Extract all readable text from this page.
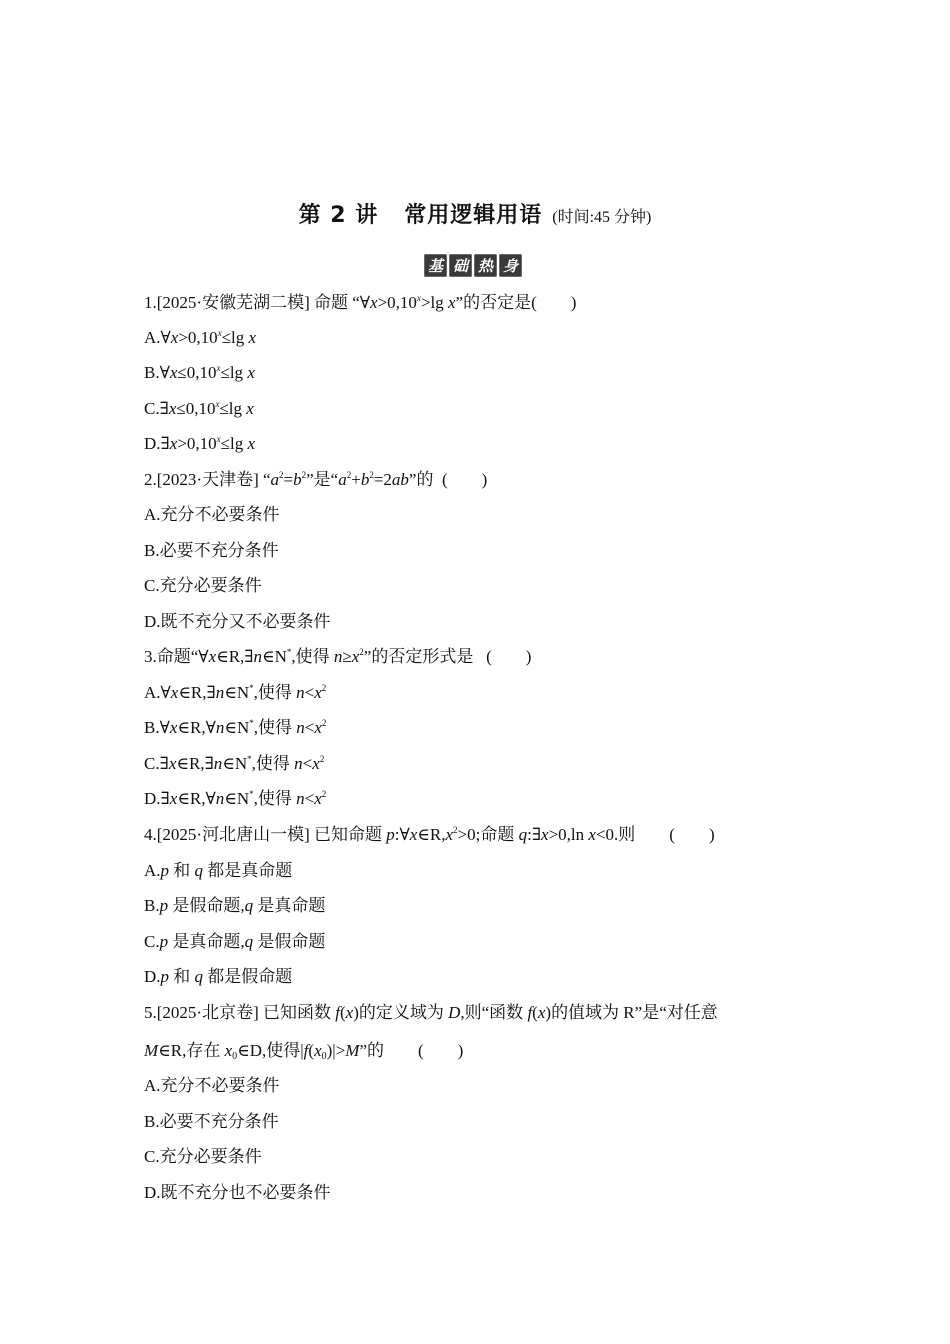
第 2 讲 常用逻辑用语 (时间:45 分钟)
基 础 热 身
1.[2025·安徽芜湖二模] 命题 “$\forall x>0,10^x>\lg$ x”的否定是(　　 )
$A.\forall x>0,10^x\le\lg$ x
$B.\forall x\le 0,10^x\le\lg$ x
$C.\exists x\le 0,10^x\le\lg$ x
$D.\exists x>0,10^x\le\lg$ x
2.[2023·天津卷] “$a^2=b^2$”是“$a^2+b^2=2ab$”的 (　　 )
A.充分不必要条件
B.必要不充分条件
C.充分必要条件
D.既不充分又不必要条件
3.命题“∀x∈R,∃n∈N*,使得 $n\ge x^2$”的否定形式是 (　　 )
A.∀x∈R,∃n∈N*,使得 $n<x^2$
B.∀x∈R,∀n∈N*,使得 $n<x^2$
C.∃x∈R,∃n∈N*,使得 $n<x^2$
D.∃x∈R,∀n∈N*,使得 $n<x^2$
4.[2025·河北唐山一模] 已知命题 $p:\forall x\in R,x^2>0$;命题 q:∃x>0,ln x<0.则 (　　 )
A.p 和 q 都是真命题
B.p 是假命题,q 是真命题
C.p 是真命题,q 是假命题
D.p 和 q 都是假命题
5.[2025·北京卷] 已知函数 f(x)的定义域为 D,则“函数 f(x)的值域为 R”是“对任意
M∈R,存在 $x_0\in D$,使得$|f(x_0)|>M$”的 (　　 )
A.充分不必要条件
B.必要不充分条件
C.充分必要条件
D.既不充分也不必要条件
